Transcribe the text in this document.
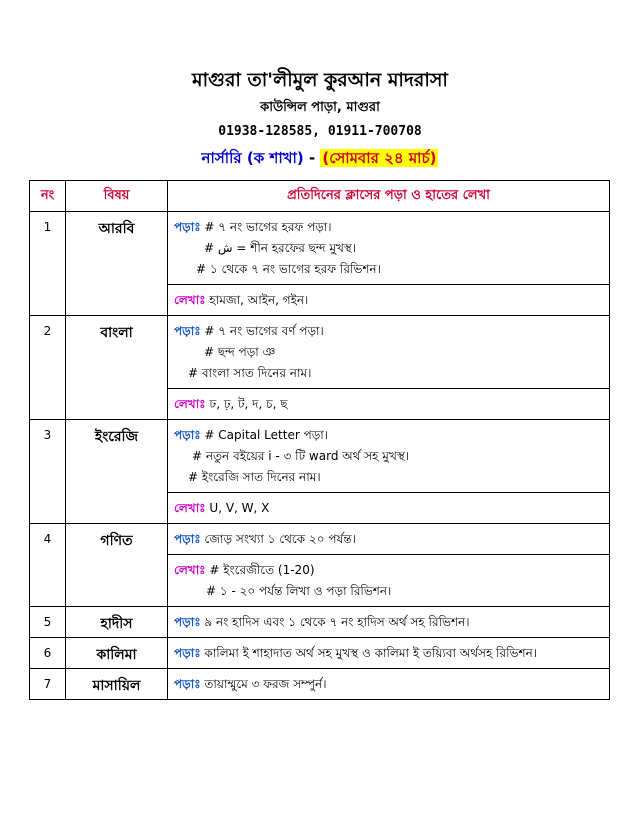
মাগুরা তা'লীমুল কুরআন মাদরাসা
কাউন্সিল পাড়া, মাগুরা
01938-128585, 01911-700708
নার্সারি (ক শাখা) - (সোমবার ২৪ মার্চ)
নং	বিষয়	প্রতিদিনের ক্লাসের পড়া ও হাতের লেখা
1	আরবি	পড়াঃ # ৭ নং ভাগের হরফ পড়া।
# ش = শীন হরফের ছন্দ মুখস্থ।
# ১ থেকে ৭ নং ভাগের হরফ রিভিশন।

		লেখাঃ হামজা, আইন, গইন।
2	বাংলা	পড়াঃ # ৭ নং ভাগের বর্ণ পড়া।
# ছন্দ পড়া ঞ
# বাংলা সাত দিনের নাম।

		লেখাঃ ঢ, ঢ়, ট, দ, চ, ছ
3	ইংরেজি	পড়াঃ # Capital Letter পড়া।
# নতুন বইয়ের i - ৩ টি ward অর্থ সহ মুখস্থ।
# ইংরেজি সাত দিনের নাম।

		লেখাঃ U, V, W, X
4	গণিত	পড়াঃ জোড় সংখ্যা ১ থেকে ২০ পর্যন্ত।

		লেখাঃ # ইংরেজীতে (1-20)
# ১ - ২০ পর্যন্ত লিখা ও পড়া রিভিশন।

5	হাদীস	পড়াঃ ৯ নং হাদিস এবং ১ থেকে ৭ নং হাদিস অর্থ সহ রিভিশন।
6	কালিমা	পড়াঃ কালিমা ই শাহাদাত অর্থ সহ মুখস্থ ও কালিমা ই তয়্যিবা অর্থসহ রিভিশন।
7	মাসায়িল	পড়াঃ তায়াম্মুমে ৩ ফরজ সম্পুর্ন।
